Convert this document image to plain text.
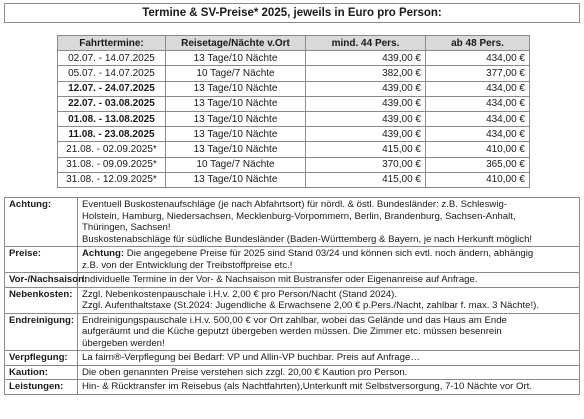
Termine & SV-Preise* 2025, jeweils in Euro pro Person:
Fahrttermine:	Reisetage/Nächte v.Ort	mind. 44 Pers.	ab 48 Pers.
02.07. - 14.07.2025	13 Tage/10 Nächte	439,00 €	434,00 €
05.07. - 14.07.2025	10 Tage/7 Nächte	382,00 €	377,00 €
12.07. - 24.07.2025	13 Tage/10 Nächte	439,00 €	434,00 €
22.07. - 03.08.2025	13 Tage/10 Nächte	439,00 €	434,00 €
01.08. - 13.08.2025	13 Tage/10 Nächte	439,00 €	434,00 €
11.08. - 23.08.2025	13 Tage/10 Nächte	439,00 €	434,00 €
21.08. - 02.09.2025*	13 Tage/10 Nächte	415,00 €	410,00 €
31.08. - 09.09.2025*	10 Tage/7 Nächte	370,00 €	365,00 €
31.08. - 12.09.2025*	13 Tage/10 Nächte	415,00 €	410,00 €
Achtung:	Eventuell Buskostenaufschläge (je nach Abfahrtsort) für nördl. & östl. Bundesländer: z.B. Schleswig-
Holstein, Hamburg, Niedersachsen, Mecklenburg-Vorpommern, Berlin, Brandenburg, Sachsen-Anhalt,
Thüringen, Sachsen!
Buskostenabschläge für südliche Bundesländer (Baden-Württemberg & Bayern, je nach Herkunft möglich!

Preise:	Achtung: Die angegebene Preise für 2025 sind Stand 03/24 und können sich evtl. noch ändern, abhängig
z.B. von der Entwicklung der Treibstoffpreise etc.!

Vor-/Nachsaison:	Individuelle Termine in der Vor- & Nachsaison mit Bustransfer oder Eigenanreise auf Anfrage.
Nebenkosten:	Zzgl. Nebenkostenpauschale i.H.v. 2,00 € pro Person/Nacht (Stand 2024).
Zzgl. Aufenthaltstaxe (St.2024: Jugendliche & Erwachsene 2,00 € p.Pers./Nacht, zahlbar f. max. 3 Nächte!).

Endreinigung:	Endreinigungspauschale i.H.v. 500,00 € vor Ort zahlbar, wobei das Gelände und das Haus am Ende
aufgeräumt und die Küche geputzt übergeben werden müssen. Die Zimmer etc. müssen besenrein
übergeben werden!

Verpflegung:	La fairn®-Verpflegung bei Bedarf: VP und Allin-VP buchbar. Preis auf Anfrage…
Kaution:	Die oben genannten Preise verstehen sich zzgl. 20,00 € Kaution pro Person.
Leistungen:	Hin- & Rücktransfer im Reisebus (als Nachtfahrten),Unterkunft mit Selbstversorgung, 7-10 Nächte vor Ort.
